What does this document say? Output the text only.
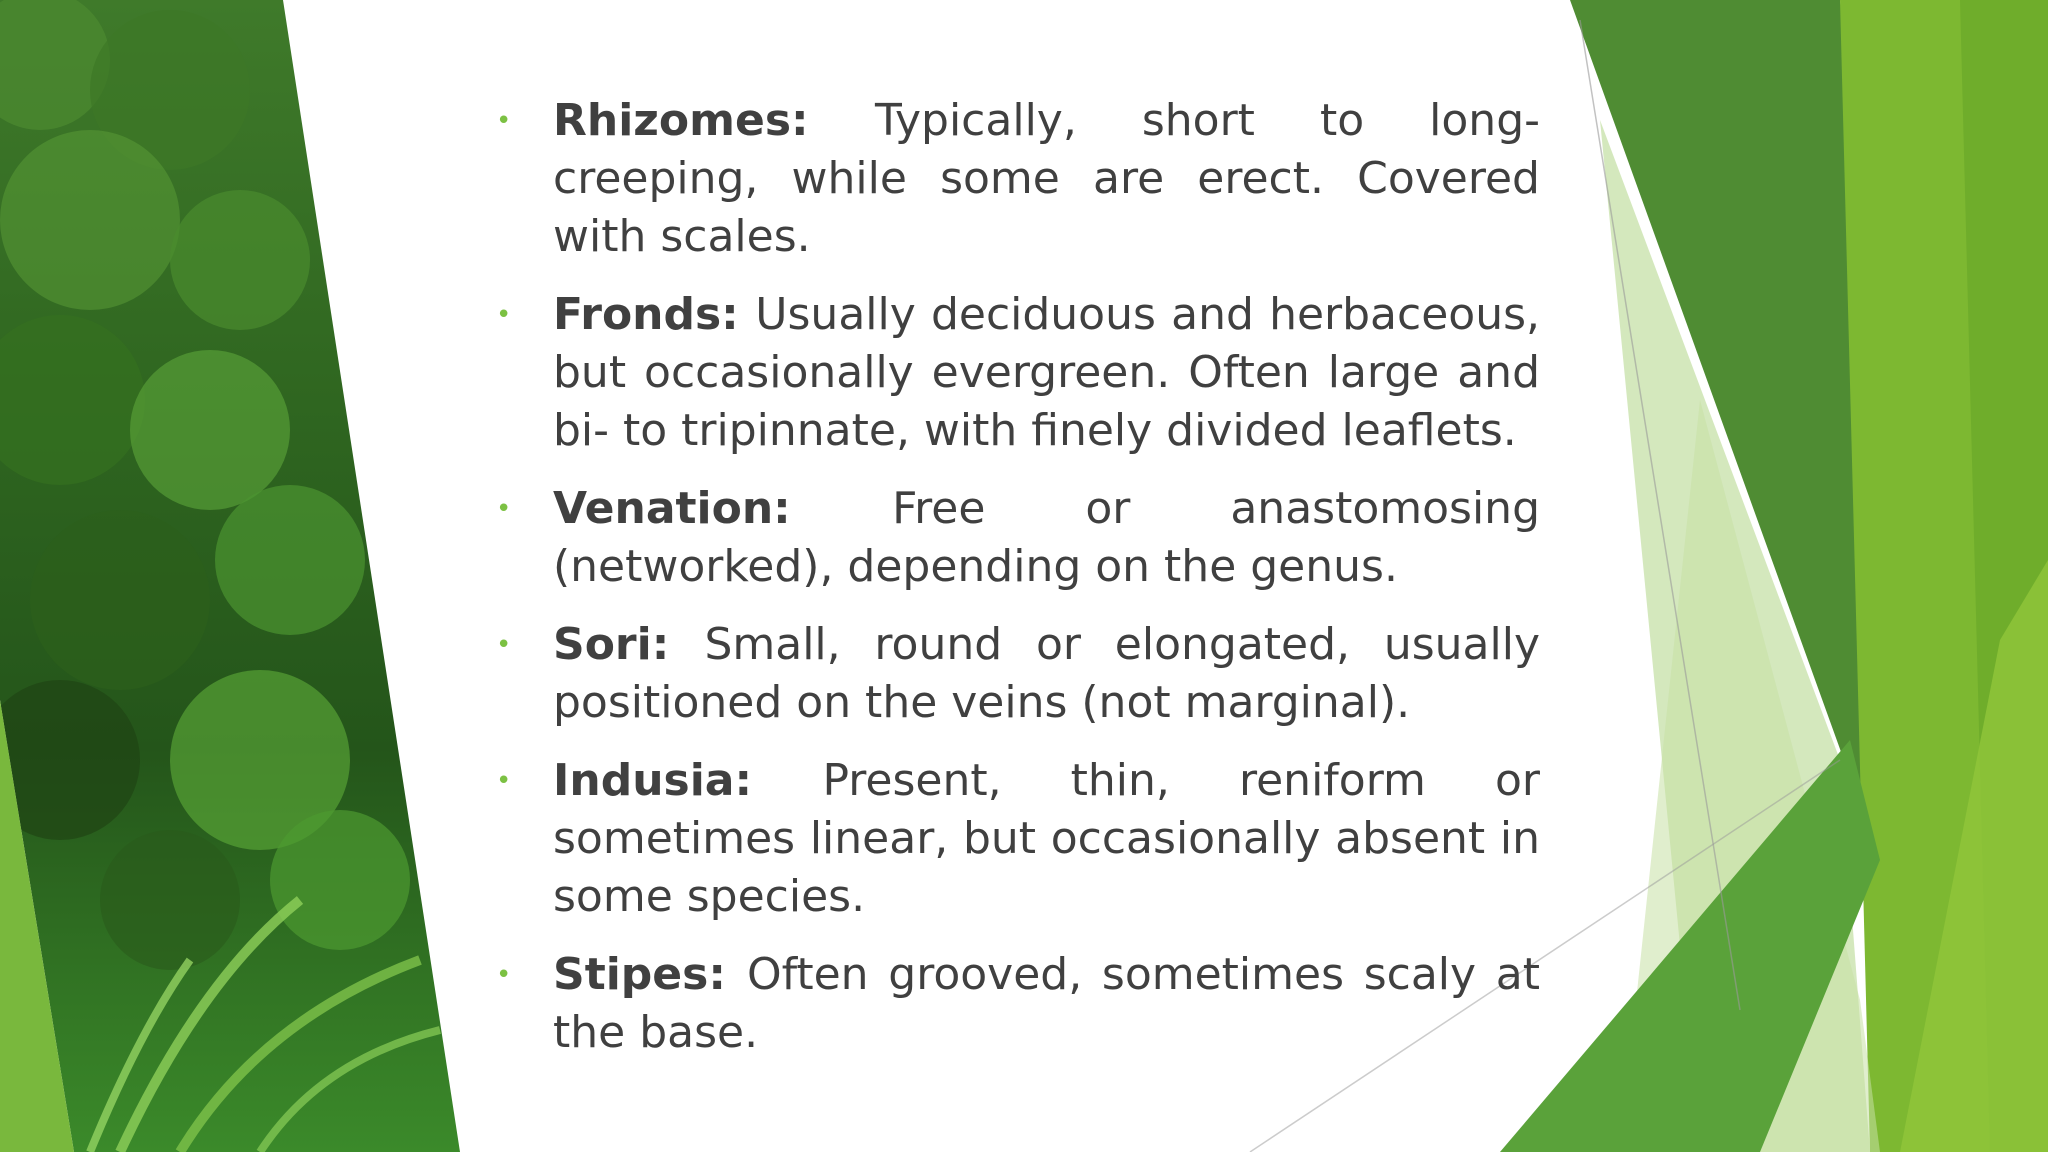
• Rhizomes: Typically, short to long-creeping, while some are erect. Covered with scales.
• Fronds: Usually deciduous and herbaceous, but occasionally evergreen. Often large and bi- to tripinnate, with finely divided leaflets.
• Venation: Free or anastomosing (networked), depending on the genus.
• Sori: Small, round or elongated, usually positioned on the veins (not marginal).
• Indusia: Present, thin, reniform or sometimes linear, but occasionally absent in some species.
• Stipes: Often grooved, sometimes scaly at the base.
